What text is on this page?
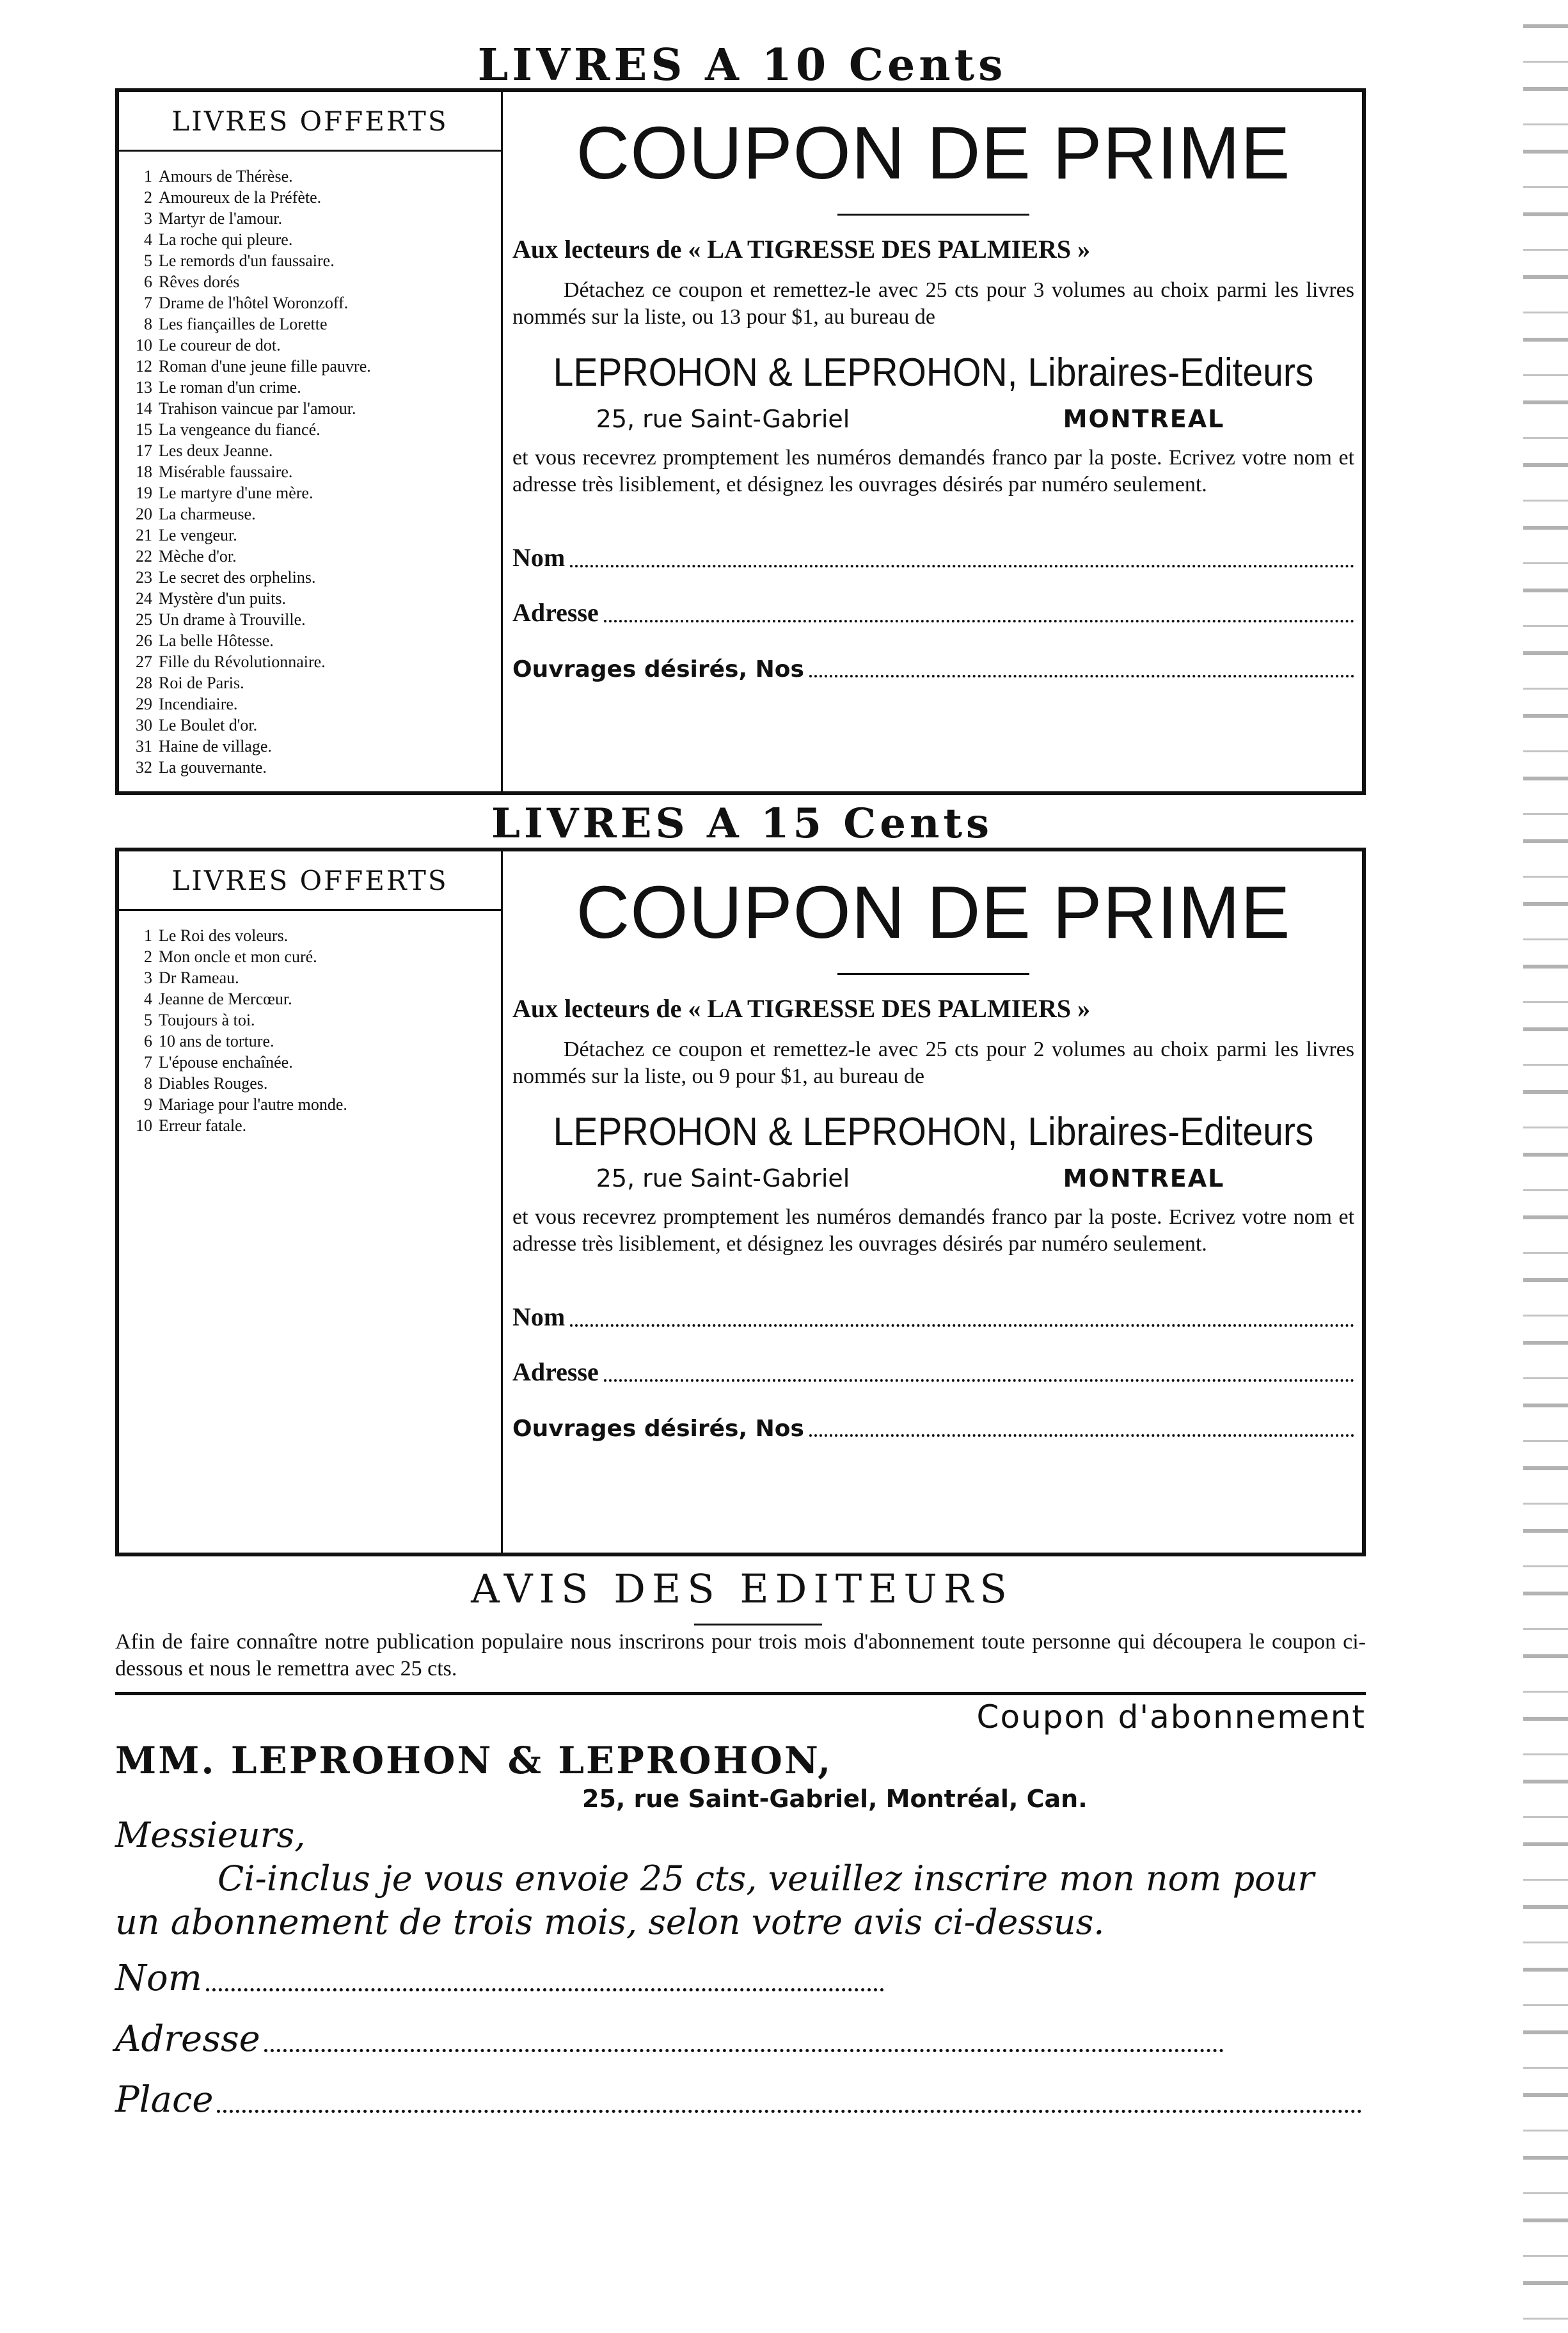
LIVRES A 10 Cents
LIVRES OFFERTS
1 Amours de Thérèse.
2 Amoureux de la Préfète.
3 Martyr de l'amour.
4 La roche qui pleure.
5 Le remords d'un faussaire.
6 Rêves dorés
7 Drame de l'hôtel Woronzoff.
8 Les fiançailles de Lorette
10 Le coureur de dot.
12 Roman d'une jeune fille pauvre.
13 Le roman d'un crime.
14 Trahison vaincue par l'amour.
15 La vengeance du fiancé.
17 Les deux Jeanne.
18 Misérable faussaire.
19 Le martyre d'une mère.
20 La charmeuse.
21 Le vengeur.
22 Mèche d'or.
23 Le secret des orphelins.
24 Mystère d'un puits.
25 Un drame à Trouville.
26 La belle Hôtesse.
27 Fille du Révolutionnaire.
28 Roi de Paris.
29 Incendiaire.
30 Le Boulet d'or.
31 Haine de village.
32 La gouvernante.
COUPON DE PRIME

Aux lecteurs de « LA TIGRESSE DES PALMIERS »

Détachez ce coupon et remettez-le avec 25 cts pour 3 volumes au choix parmi les livres nommés sur la liste, ou 13 pour $1, au bureau de

LEPROHON & LEPROHON, Libraires-Editeurs
25, rue Saint-Gabriel	MONTREAL

et vous recevrez promptement les numéros demandés franco par la poste. Ecrivez votre nom et adresse très lisiblement, et désignez les ouvrages désirés par numéro seulement.

Nom
Adresse
Ouvrages désirés, Nos
LIVRES A 15 Cents
LIVRES OFFERTS
1 Le Roi des voleurs.
2 Mon oncle et mon curé.
3 Dr Rameau.
4 Jeanne de Mercœur.
5 Toujours à toi.
6 10 ans de torture.
7 L'épouse enchaînée.
8 Diables Rouges.
9 Mariage pour l'autre monde.
10 Erreur fatale.
COUPON DE PRIME

Aux lecteurs de « LA TIGRESSE DES PALMIERS »

Détachez ce coupon et remettez-le avec 25 cts pour 2 volumes au choix parmi les livres nommés sur la liste, ou 9 pour $1, au bureau de

LEPROHON & LEPROHON, Libraires-Editeurs
25, rue Saint-Gabriel	MONTREAL

et vous recevrez promptement les numéros demandés franco par la poste. Ecrivez votre nom et adresse très lisiblement, et désignez les ouvrages désirés par numéro seulement.

Nom
Adresse
Ouvrages désirés, Nos
AVIS DES EDITEURS

Afin de faire connaître notre publication populaire nous inscrirons pour trois mois d'abonnement toute personne qui découpera le coupon ci-dessous et nous le remettra avec 25 cts.

Coupon d'abonnement
MM. LEPROHON & LEPROHON,
25, rue Saint-Gabriel, Montréal, Can.

Messieurs,

Ci-inclus je vous envoie 25 cts, veuillez inscrire mon nom pour un abonnement de trois mois, selon votre avis ci-dessus.

Nom
Adresse
Place
